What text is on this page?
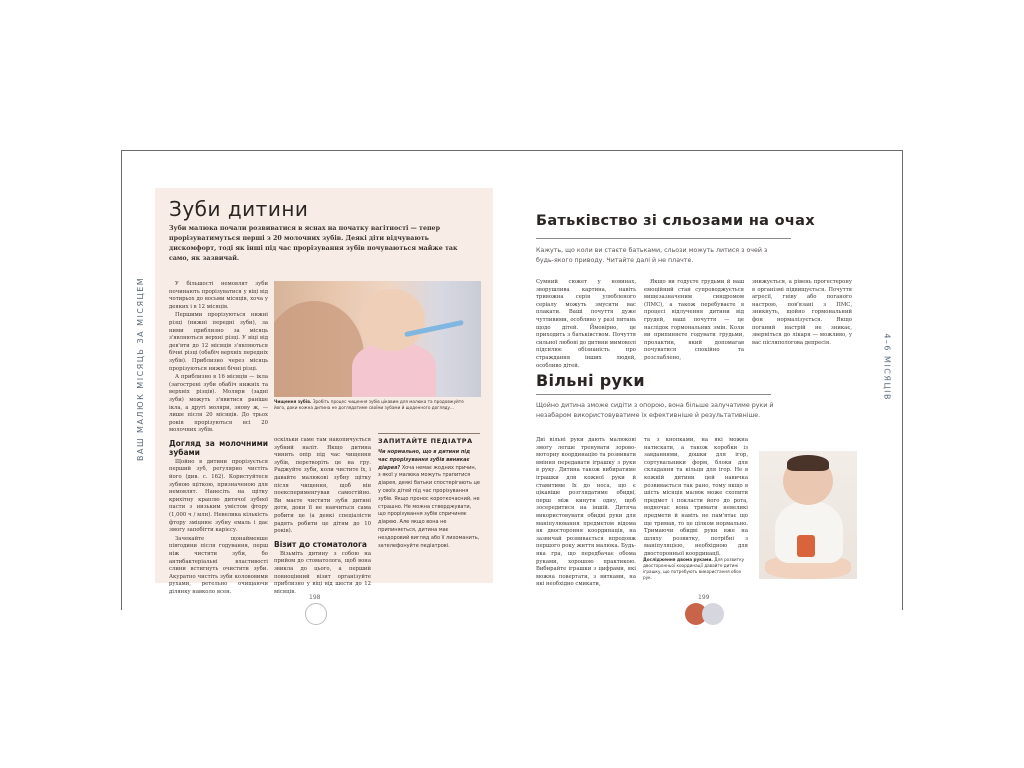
ВАШ МАЛЮК МІСЯЦЬ ЗА МІСЯЦЕМ
Зуби дитини

Зуби малюка почали розвиватися в яснах на початку вагітності — тепер прорізуватимуться перші з 20 молочних зубів. Деякі діти відчувають дискомфорт, тоді як інші під час прорізування зубів почуваються майже так само, як зазвичай.

У більшості немовлят зуби починають прорізуватися у віці від чотирьох до восьми місяців, хоча у деяких і в 12 місяців.

Першими прорізуються нижні різці (нижні передні зуби), за ними приблизно за місяць з'являються верхні різці. У віці від дев'яти до 12 місяців з'являються бічні різці (обабіч верхніх передніх зубів). Приблизно через місяць прорізуються нижні бічні різці.

А приблизно в 16 місяців — ікла (загострені зуби обабіч нижніх та верхніх різців). Моляри (задні зуби) можуть з'явитися раніше ікла, а другі моляри, знову ж, — лише після 20 місяців. До трьох років прорізуються всі 20 молочних зубів.

Догляд за молочними зубами

Щойно в дитини прорізується перший зуб, регулярно чистіть його (див. с. 162). Користуйтеся зубною щіткою, призначеною для немовлят. Нанесіть на щітку крихітну краплю дитячої зубної пасти з низьким умістом фтору (1,000 ч / млн). Невелика кількість фтору зміцнює зубну емаль і дає змогу запобігти карієсу.

Зачекайте щонайменше півгодини після годування, перш ніж чистити зуби, бо антибактеріальні властивості слини встигнуть очистити зуби. Акуратно чистіть зуби колововими рухами, ретельно очищаючи ділянку навколо ясен.

Чищення зубів. Зробіть процес чищення зубів цікавим для малюка та продовжуйте його, доки кожна дитина не доглядатиме своїми зубами й щоденного догляду...

оскільки саме там накопичується зубний наліт. Якщо дитина чинить опір під час чищення зубів, перетворіть це на гру. Раджуйте зуби, коли чистите їх, і давайте малюкові зубну щітку після чищення, щоб він поексперименгував самостійно. Ви маєте чистити зуби дитині доти, доки її не навчиться сама робити це (а деякі спеціалісти радять робити це дітям до 10 років).

Візит до стоматолога

Візьміть дитину з собою на прийом до стоматолога, щоб вона звикла до цього, а перший повноцінний візит організуйте приблизно у віці від шести до 12 місяців.

ЗАПИТАЙТЕ ПЕДІАТРА
Чи нормально, що в дитини під час прорізування зубів виникає діарея? Хоча немає жодних причин, з якої у малюка можуть трапитися діарея, деякі батьки спостерігають це у своїх дітей під час прорізування зубів. Якщо пронос короткочасний, не страшно. Не можна стверджувати, що прорізування зубів спричиняє діарею. Але якщо вона не припиняється, дитина має нездоровий вигляд або її лихоманить, зателефонуйте педіатрові.
198
4–6 МІСЯЦІВ
Батьківство зі сльозами на очах

Кажуть, що коли ви стаєте батьками, сльози можуть литися з очей з будь-якого приводу. Читайте далі й не плачте.

Сумний сюжет у новинах, зворушлива картина, навіть тривожна серія улюбленого серіалу можуть змусити вас плакати. Ваші почуття дуже чутливими, особливо у разі питань щодо дітей. Ймовірно, це приходить з батьківством. Почуття сильної любові до дитини мимоволі підсилює обізнаність про страждання інших людей, особливо дітей.

Якщо ви годуєте грудьми й ваш емоційний стан супроводжується вищезазначеним синдромом (ПМС), а також перебуваєте в процесі відлучення дитини від грудей, ваші почуття — це наслідок гормональних змін. Коли ви припиняєте годувати грудьми, пролактин, який допомагав почуватися спокійно та розслаблено,

знижується, а рівень прогестерону в організмі підвищується. Почуття агресії, гніву або поганого настрою, пов'язані з ПМС, зникнуть, щойно гормональний фон нормалізується. Якщо поганий настрій не зникає, зверніться до лікаря — можливо, у вас післяпологова депресія.

Вільні руки

Щойно дитина зможе сидіти з опорою, вона більше залучатиме руки й незабаром використовуватиме їх ефективніше й результативніше.

Дві вільні руки дають малюкові змогу легше тренувати зорово-моторну координацію та розвивати вміння передавати іграшку з руки в руку. Дитина також вибиратиме іграшки для кожної руки й ставитиме їх до носа, що є цікавіше розглядатиме обидві, перш між кинути одну, щоб зосередитися на іншій. Дитяча використовувати обидві руки для маніпулювання предметом відома як двостороння координація, на зазвичай розвивається впродовж першого року життя малюка. Будь-яка гра, що передбачає обома руками, хорошою практикою. Вибирайте іграшки з цифрами, які можна повертати, з витками, на які необхідно смикати,

та з кнопками, на які можна натискати, а також коробки із завданнями, дошки для ігор, сортувальники форм, блоки для складання та кільця для ігор. Не в кожній дитини цей навичка розвивається так рано, тому якщо в шість місяців малюк може схопити предмет і покласти його до рота, водночас вона тримати невеликі предмети й навіть не пам'ятає що ще тримав, то це цілком нормально. Тримаючи обидві руки вже на шляху розвитку, потрібні з маніпуляцією, необхідною для двосторонньої координації.

Дослідження двома руками. Для розвитку двосторонньої координації давайте дитині іграшку, що потребують використання обох рук.
199
